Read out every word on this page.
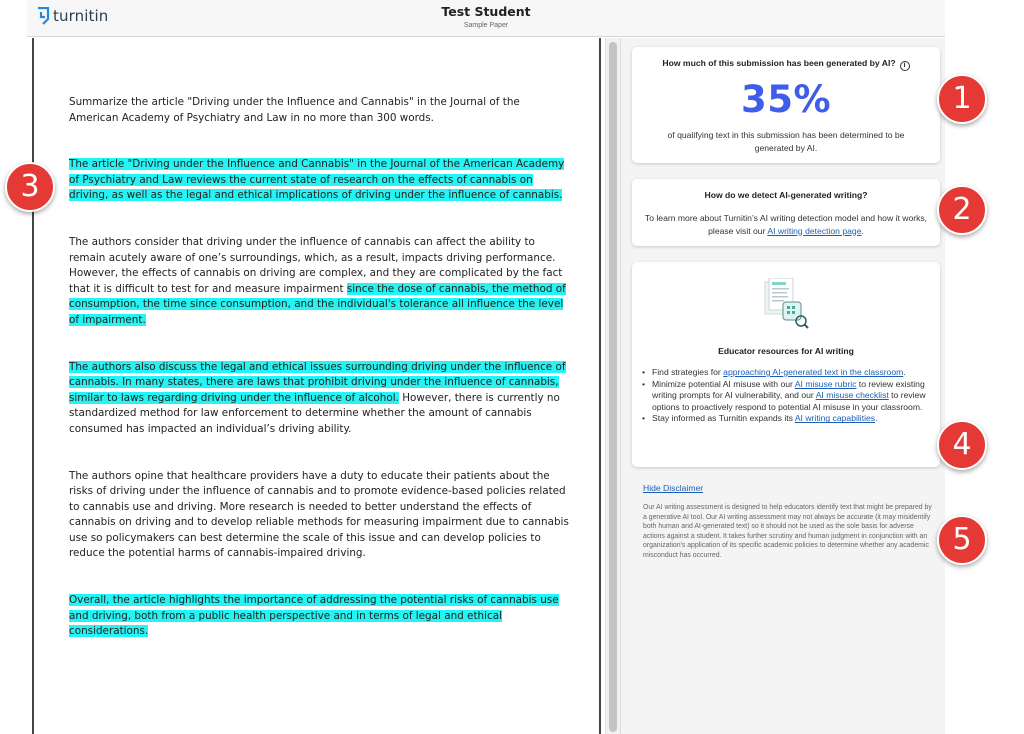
turnitin	Test Student
Sample Paper

Summarize the article "Driving under the Influence and Cannabis" in the Journal of the American Academy of Psychiatry and Law in no more than 300 words.

The article "Driving under the Influence and Cannabis" in the Journal of the American Academy of Psychiatry and Law reviews the current state of research on the effects of cannabis on driving, as well as the legal and ethical implications of driving under the influence of cannabis.

The authors consider that driving under the influence of cannabis can affect the ability to remain acutely aware of one’s surroundings, which, as a result, impacts driving performance. However, the effects of cannabis on driving are complex, and they are complicated by the fact that it is difficult to test for and measure impairment since the dose of cannabis, the method of consumption, the time since consumption, and the individual's tolerance all influence the level of impairment.

The authors also discuss the legal and ethical issues surrounding driving under the influence of cannabis. In many states, there are laws that prohibit driving under the influence of cannabis, similar to laws regarding driving under the influence of alcohol. However, there is currently no standardized method for law enforcement to determine whether the amount of cannabis consumed has impacted an individual’s driving ability.

The authors opine that healthcare providers have a duty to educate their patients about the risks of driving under the influence of cannabis and to promote evidence-based policies related to cannabis use and driving. More research is needed to better understand the effects of cannabis on driving and to develop reliable methods for measuring impairment due to cannabis use so policymakers can best determine the scale of this issue and can develop policies to reduce the potential harms of cannabis-impaired driving.

Overall, the article highlights the importance of addressing the potential risks of cannabis use and driving, both from a public health perspective and in terms of legal and ethical considerations.

How much of this submission has been generated by AI? i
35%
of qualifying text in this submission has been determined to be generated by AI.
How do we detect AI-generated writing?
To learn more about Turnitin’s AI writing detection model and how it works, please visit our AI writing detection page.
Educator resources for AI writing
• Find strategies for approaching AI-generated text in the classroom.
• Minimize potential AI misuse with our AI misuse rubric to review existing writing prompts for AI vulnerability, and our AI misuse checklist to review options to proactively respond to potential AI misuse in your classroom.
• Stay informed as Turnitin expands its AI writing capabilities.
Hide Disclaimer
Our AI writing assessment is designed to help educators identify text that might be prepared by a generative AI tool. Our AI writing assessment may not always be accurate (it may misidentify both human and AI-generated text) so it should not be used as the sole basis for adverse actions against a student. It takes further scrutiny and human judgment in conjunction with an organization's application of its specific academic policies to determine whether any academic misconduct has occurred.
1
2
3
4
5
